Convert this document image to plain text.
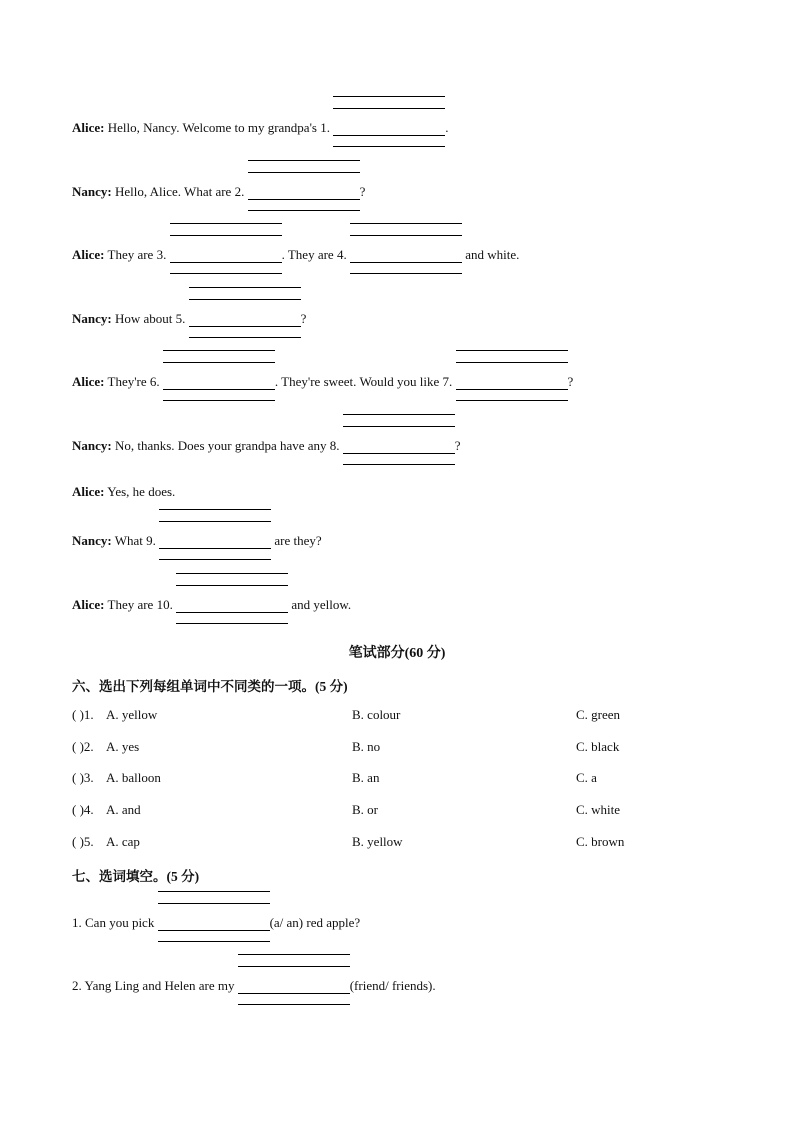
Alice: Hello, Nancy. Welcome to my grandpa's 1.	.
Nancy: Hello, Alice. What are 2.	?
Alice: They are 3.	. They are 4.	and white.
Nancy: How about 5.	?
Alice: They're 6.	. They're sweet. Would you like 7.	?
Nancy: No, thanks. Does your grandpa have any 8.	?
Alice: Yes, he does.
Nancy: What 9.	are they?
Alice: They are 10.	and yellow.
笔试部分(60 分)
六、选出下列每组单词中不同类的一项。(5 分)
( )1. A. yellow	B. colour	C. green
( )2. A. yes	B. no	C. black
( )3. A. balloon	B. an	C. a
( )4. A. and	B. or	C. white
( )5. A. cap	B. yellow	C. brown
七、选词填空。(5 分)
1. Can you pick	(a/ an) red apple?
2. Yang Ling and Helen are my	(friend/ friends).
